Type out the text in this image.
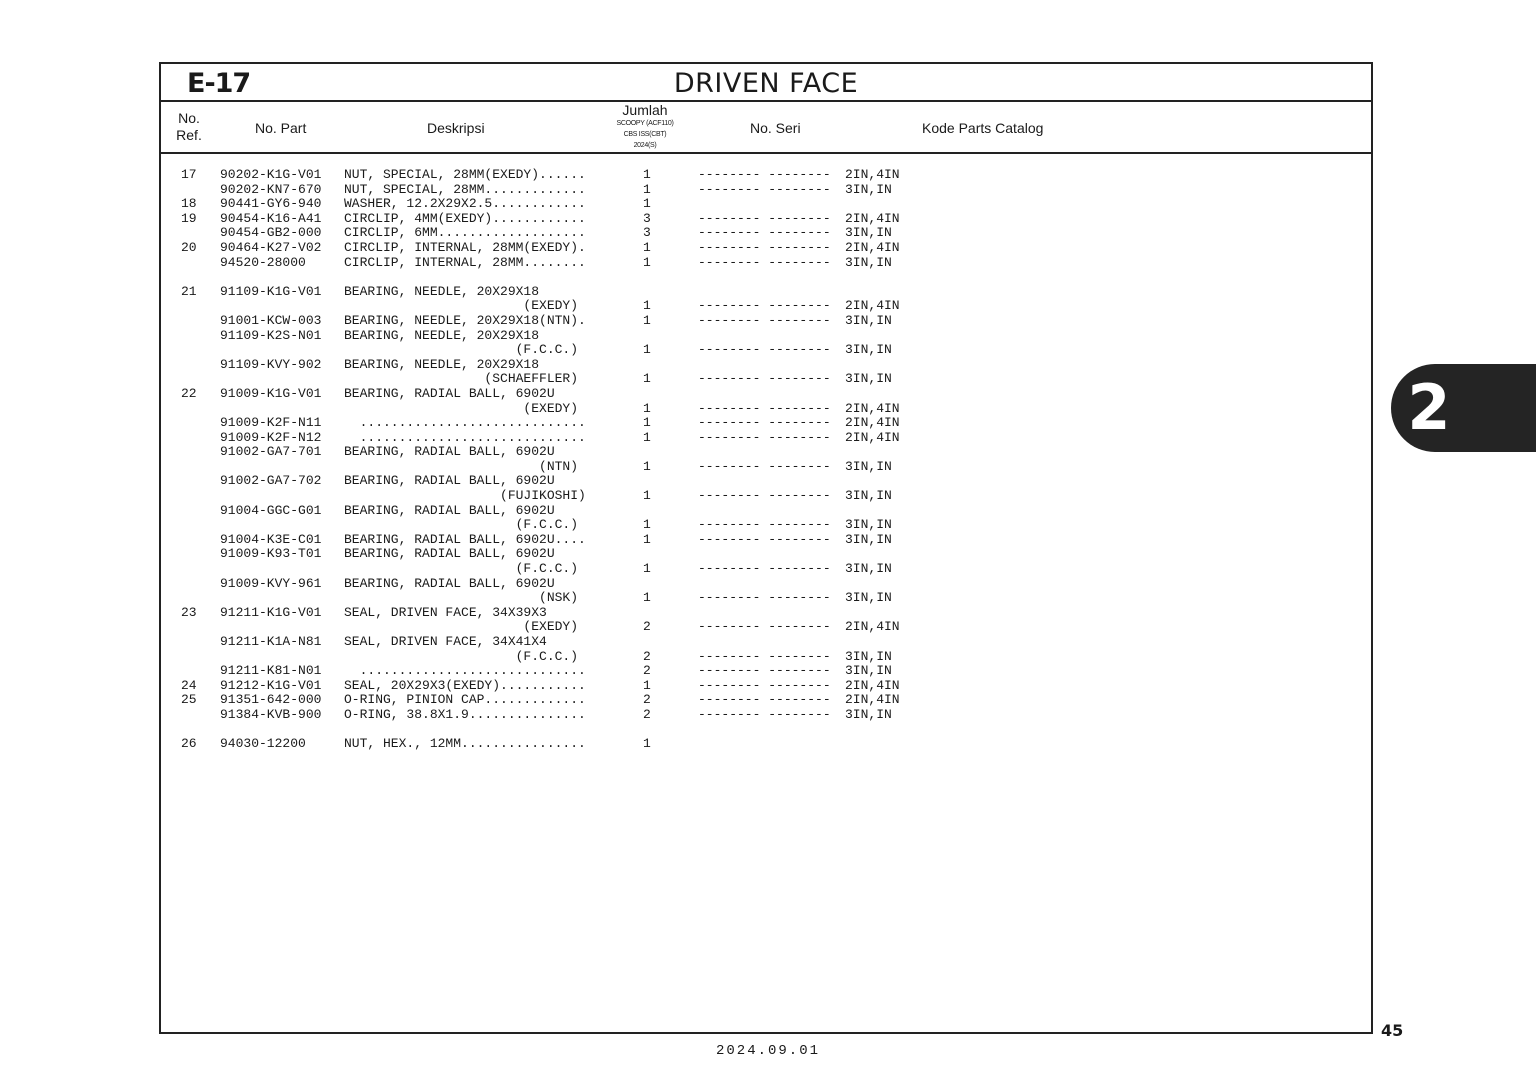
E-17	DRIVEN FACE
No.
Ref.	No. Part	Deskripsi
Jumlah
SCOOPY (ACF110)
CBS ISS(CBT)
2024(S)
No. Seri	Kode Parts Catalog
17 90202-K1G-V01 NUT, SPECIAL, 28MM(EXEDY)......	1	-------- -------- 2IN,4IN
90202-KN7-670 NUT, SPECIAL, 28MM.............	1	-------- -------- 3IN,IN
18 90441-GY6-940 WASHER, 12.2X29X2.5............	1
19 90454-K16-A41 CIRCLIP, 4MM(EXEDY)............	3	-------- -------- 2IN,4IN
90454-GB2-000 CIRCLIP, 6MM...................	3	-------- -------- 3IN,IN
20 90464-K27-V02 CIRCLIP, INTERNAL, 28MM(EXEDY).	1	-------- -------- 2IN,4IN
94520-28000	CIRCLIP, INTERNAL, 28MM........	1	-------- -------- 3IN,IN
21 91109-K1G-V01 BEARING, NEEDLE, 20X29X18
(EXEDY)	1	-------- -------- 2IN,4IN
91001-KCW-003 BEARING, NEEDLE, 20X29X18(NTN).	1	-------- -------- 3IN,IN
91109-K2S-N01 BEARING, NEEDLE, 20X29X18
(F.C.C.)	1	-------- -------- 3IN,IN
91109-KVY-902 BEARING, NEEDLE, 20X29X18
(SCHAEFFLER)	1	-------- -------- 3IN,IN
22 91009-K1G-V01 BEARING, RADIAL BALL, 6902U
(EXEDY)	1	-------- -------- 2IN,4IN
91009-K2F-N11 .............................	1	-------- -------- 2IN,4IN
91009-K2F-N12 .............................	1	-------- -------- 2IN,4IN
91002-GA7-701 BEARING, RADIAL BALL, 6902U
(NTN)	1	-------- -------- 3IN,IN
91002-GA7-702 BEARING, RADIAL BALL, 6902U
(FUJIKOSHI)	1	-------- -------- 3IN,IN
91004-GGC-G01 BEARING, RADIAL BALL, 6902U
(F.C.C.)	1	-------- -------- 3IN,IN
91004-K3E-C01 BEARING, RADIAL BALL, 6902U....	1	-------- -------- 3IN,IN
91009-K93-T01 BEARING, RADIAL BALL, 6902U
(F.C.C.)	1	-------- -------- 3IN,IN
91009-KVY-961 BEARING, RADIAL BALL, 6902U
(NSK)	1	-------- -------- 3IN,IN
23 91211-K1G-V01 SEAL, DRIVEN FACE, 34X39X3
(EXEDY)	2	-------- -------- 2IN,4IN
91211-K1A-N81 SEAL, DRIVEN FACE, 34X41X4
(F.C.C.)	2	-------- -------- 3IN,IN
91211-K81-N01 .............................	2	-------- -------- 3IN,IN
24 91212-K1G-V01 SEAL, 20X29X3(EXEDY)...........	1	-------- -------- 2IN,4IN
25 91351-642-000 O-RING, PINION CAP.............	2	-------- -------- 2IN,4IN
91384-KVB-900 O-RING, 38.8X1.9...............	2	-------- -------- 3IN,IN
26 94030-12200	NUT, HEX., 12MM................	1
2
45
2024.09.01
